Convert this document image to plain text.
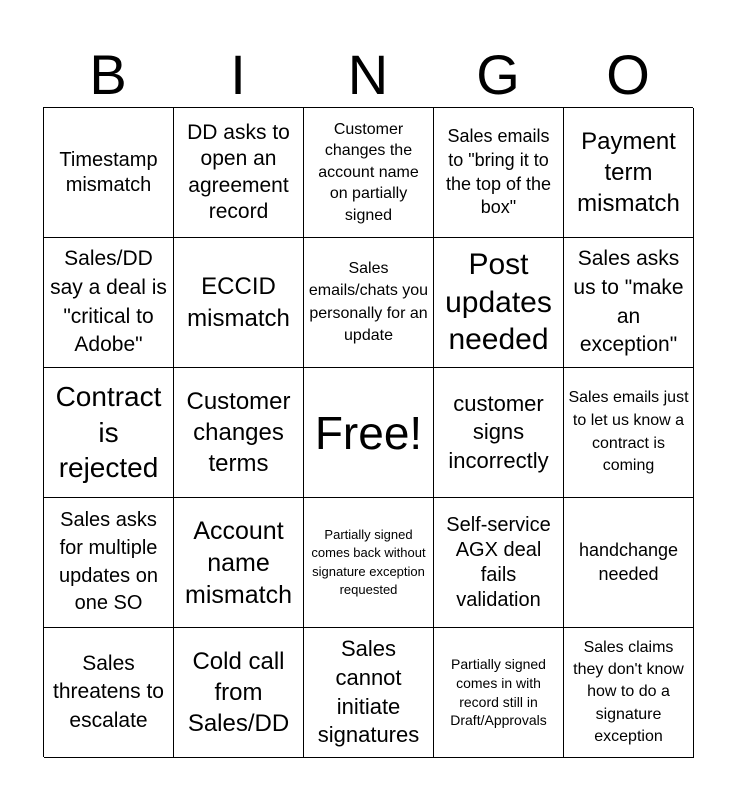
B	I	N	G	O
Timestamp mismatch
DD asks to open an agreement record
Customer changes the account name on partially signed
Sales emails to "bring it to the top of the box"
Payment term mismatch
Sales/DD say a deal is "critical to Adobe"
ECCID mismatch
Sales emails/chats you personally for an update
Post updates needed
Sales asks us to "make an exception"
Contract is rejected
Customer changes terms
Free!
customer signs incorrectly
Sales emails just to let us know a contract is coming
Sales asks for multiple updates on one SO
Account name mismatch
Partially signed comes back without signature exception requested
Self-service AGX deal fails validation
handchange needed
Sales threatens to escalate
Cold call from Sales/DD
Sales cannot initiate signatures
Partially signed comes in with record still in Draft/Approvals
Sales claims they don't know how to do a signature exception
